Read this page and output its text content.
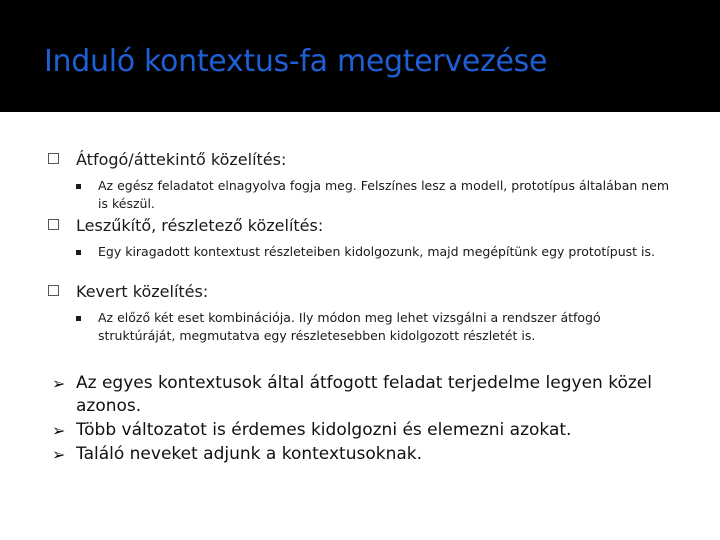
Induló kontextus-fa megtervezése
Átfogó/áttekintő közelítés:
Az egész feladatot elnagyolva fogja meg. Felszínes lesz a modell, prototípus általában nem is készül.
Leszűkítő, részletező közelítés:
Egy kiragadott kontextust részleteiben kidolgozunk, majd megépítünk egy prototípust is.
Kevert közelítés:
Az előző két eset kombinációja. Ily módon meg lehet vizsgálni a rendszer átfogó struktúráját, megmutatva egy részletesebben kidolgozott részletét is.
➢ Az egyes kontextusok által átfogott feladat terjedelme legyen közel azonos.
➢ Több változatot is érdemes kidolgozni és elemezni azokat.
➢ Találó neveket adjunk a kontextusoknak.
